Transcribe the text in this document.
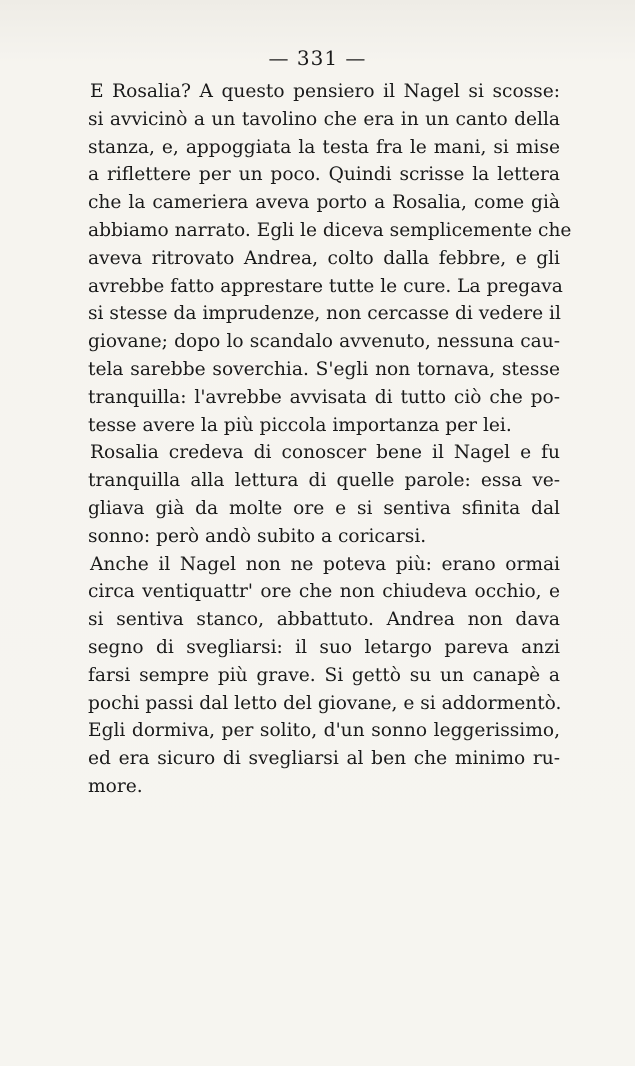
— 331 —
E Rosalia? A questo pensiero il Nagel si scosse:
si avvicinò a un tavolino che era in un canto della
stanza, e, appoggiata la testa fra le mani, si mise
a riflettere per un poco. Quindi scrisse la lettera
che la cameriera aveva porto a Rosalia, come già
abbiamo narrato. Egli le diceva semplicemente che
aveva ritrovato Andrea, colto dalla febbre, e gli
avrebbe fatto apprestare tutte le cure. La pregava
si stesse da imprudenze, non cercasse di vedere il
giovane; dopo lo scandalo avvenuto, nessuna cau-
tela sarebbe soverchia. S'egli non tornava, stesse
tranquilla: l'avrebbe avvisata di tutto ciò che po-
tesse avere la più piccola importanza per lei.
Rosalia credeva di conoscer bene il Nagel e fu
tranquilla alla lettura di quelle parole: essa ve-
gliava già da molte ore e si sentiva sfinita dal
sonno: però andò subito a coricarsi.
Anche il Nagel non ne poteva più: erano ormai
circa ventiquattr' ore che non chiudeva occhio, e
si sentiva stanco, abbattuto. Andrea non dava
segno di svegliarsi: il suo letargo pareva anzi
farsi sempre più grave. Si gettò su un canapè a
pochi passi dal letto del giovane, e si addormentò.
Egli dormiva, per solito, d'un sonno leggerissimo,
ed era sicuro di svegliarsi al ben che minimo ru-
more.
